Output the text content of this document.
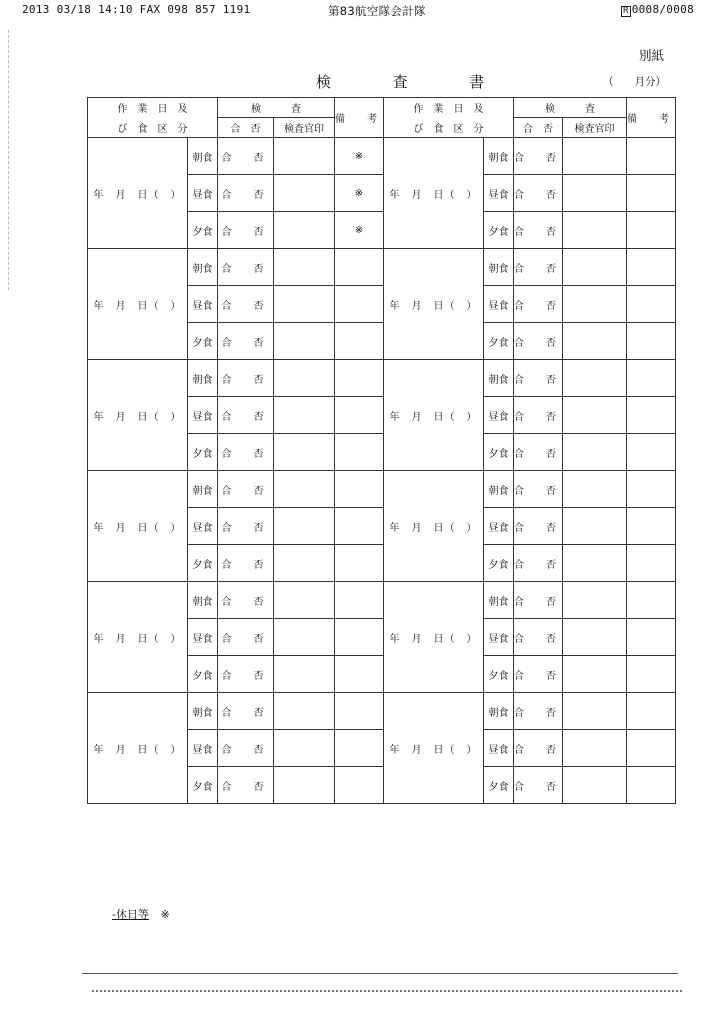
2013 03/18 14:10 FAX 098 857 1191	第83航空隊会計隊	R 0008/0008
別紙
検	査	書	（　　月分）
作　業　日　及		検　　　査		備　考	作　業　日　及		検　　　査		備　考
び　食　区　分		合　否	検査官印		び　食　区　分		合　否	検査官印	
年　月　日（　）	朝食	合　否		※	年　月　日（　）	朝食	合　否		
	昼食	合　否		※		昼食	合　否		
	夕食	合　否		※		夕食	合　否		
年　月　日（　）	朝食	合　否			年　月　日（　）	朝食	合　否		
	昼食	合　否				昼食	合　否		
	夕食	合　否				夕食	合　否		
年　月　日（　）	朝食	合　否			年　月　日（　）	朝食	合　否		
	昼食	合　否				昼食	合　否		
	夕食	合　否				夕食	合　否		
年　月　日（　）	朝食	合　否			年　月　日（　）	朝食	合　否		
	昼食	合　否				昼食	合　否		
	夕食	合　否				夕食	合　否		
年　月　日（　）	朝食	合　否			年　月　日（　）	朝食	合　否		
	昼食	合　否				昼食	合　否		
	夕食	合　否				夕食	合　否		
年　月　日（　）	朝食	合　否			年　月　日（　）	朝食	合　否		
	昼食	合　否				昼食	合　否		
	夕食	合　否				夕食	合　否		
-休日等 ※
